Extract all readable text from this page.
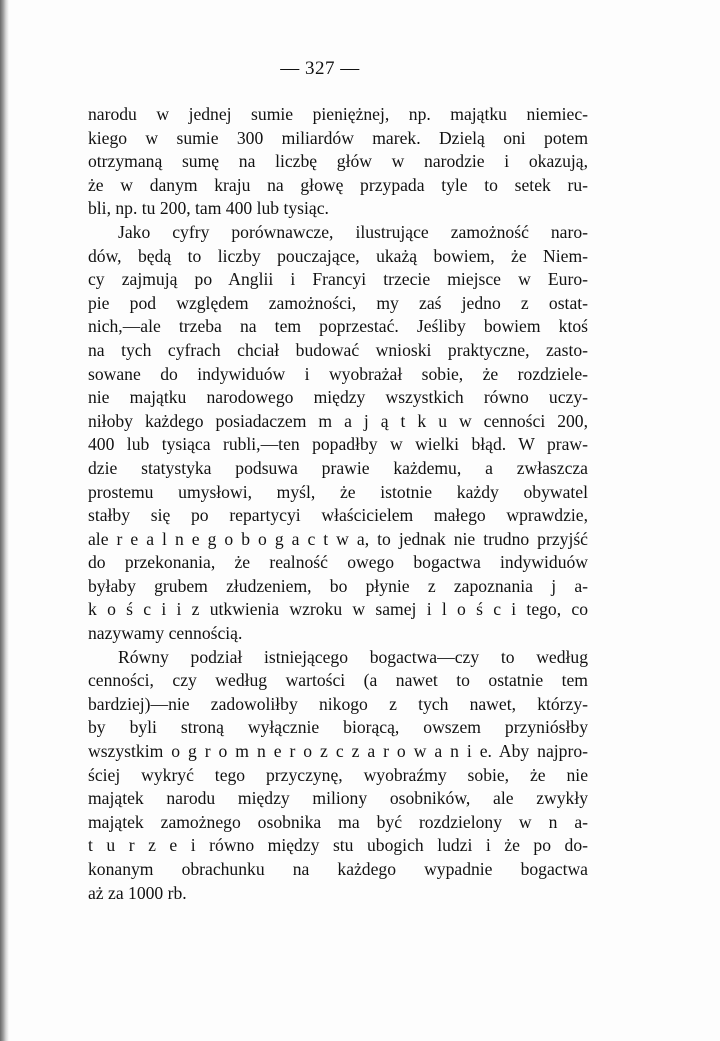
— 327 —
narodu w jednej sumie pieniężnej, np. majątku niemiec-
kiego w sumie 300 miliardów marek. Dzielą oni potem
otrzymaną sumę na liczbę głów w narodzie i okazują,
że w danym kraju na głowę przypada tyle to setek ru-
bli, np. tu 200, tam 400 lub tysiąc.
Jako cyfry porównawcze, ilustrujące zamożność naro-
dów, będą to liczby pouczające, ukażą bowiem, że Niem-
cy zajmują po Anglii i Francyi trzecie miejsce w Euro-
pie pod względem zamożności, my zaś jedno z ostat-
nich,—ale trzeba na tem poprzestać. Jeśliby bowiem ktoś
na tych cyfrach chciał budować wnioski praktyczne, zasto-
sowane do indywiduów i wyobrażał sobie, że rozdziele-
nie majątku narodowego między wszystkich równo uczy-
niłoby każdego posiadaczem m a j ą t k u w cenności 200,
400 lub tysiąca rubli,—ten popadłby w wielki błąd. W praw-
dzie statystyka podsuwa prawie każdemu, a zwłaszcza
prostemu umysłowi, myśl, że istotnie każdy obywatel
stałby się po repartycyi właścicielem małego wprawdzie,
ale r e a l n e g o b o g a c t w a, to jednak nie trudno przyjść
do przekonania, że realność owego bogactwa indywiduów
byłaby grubem złudzeniem, bo płynie z zapoznania j a-
k o ś c i i z utkwienia wzroku w samej i l o ś c i tego, co
nazywamy cennością.
Równy podział istniejącego bogactwa—czy to według
cenności, czy według wartości (a nawet to ostatnie tem
bardziej)—nie zadowoliłby nikogo z tych nawet, którzy-
by byli stroną wyłącznie biorącą, owszem przyniósłby
wszystkim o g r o m n e r o z c z a r o w a n i e. Aby najpro-
ściej wykryć tego przyczynę, wyobraźmy sobie, że nie
majątek narodu między miliony osobników, ale zwykły
majątek zamożnego osobnika ma być rozdzielony w n a-
t u r z e i równo między stu ubogich ludzi i że po do-
konanym obrachunku na każdego wypadnie bogactwa
aż za 1000 rb.
